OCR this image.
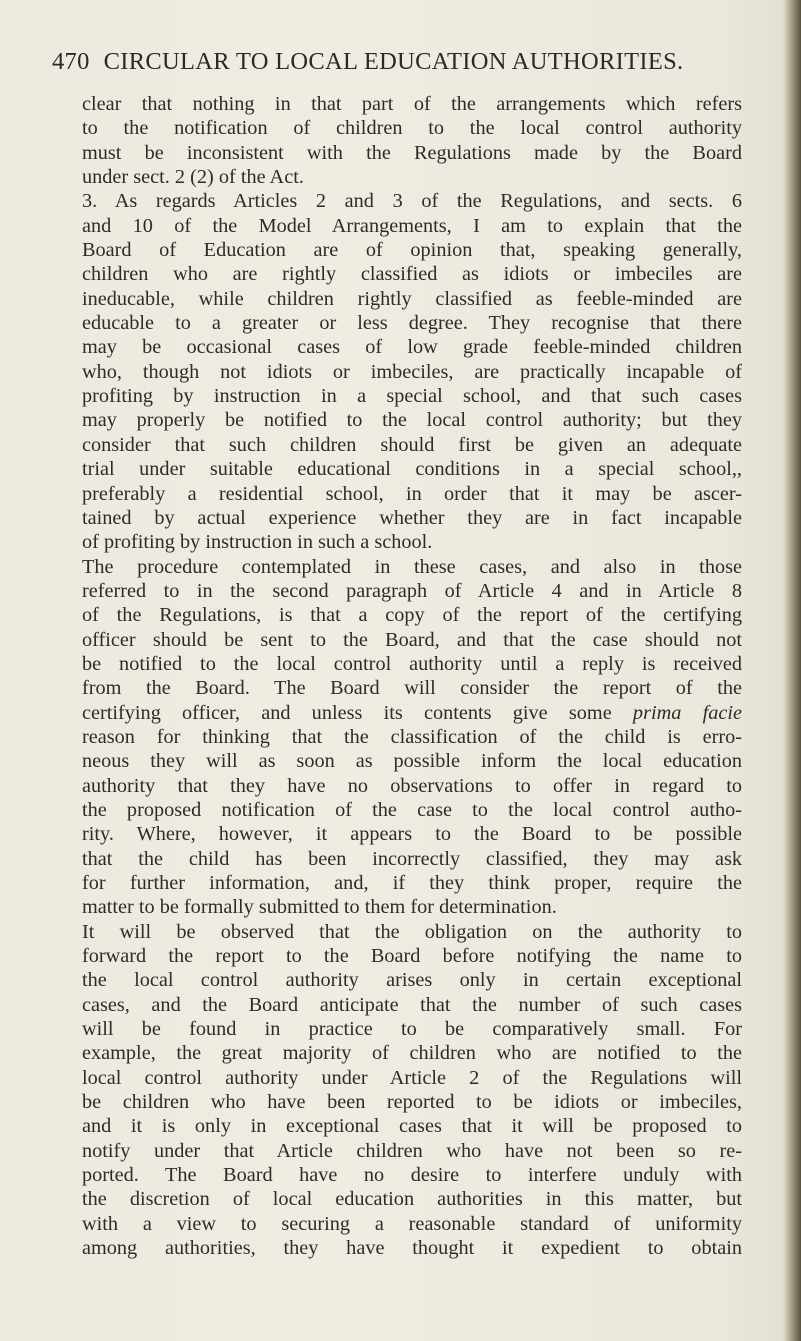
470 CIRCULAR TO LOCAL EDUCATION AUTHORITIES.

clear that nothing in that part of the arrangements which refers
to the notification of children to the local control authority
must be inconsistent with the Regulations made by the Board
under sect. 2 (2) of the Act.

3. As regards Articles 2 and 3 of the Regulations, and sects. 6
and 10 of the Model Arrangements, I am to explain that the
Board of Education are of opinion that, speaking generally,
children who are rightly classified as idiots or imbeciles are
ineducable, while children rightly classified as feeble-minded are
educable to a greater or less degree. They recognise that there
may be occasional cases of low grade feeble-minded children
who, though not idiots or imbeciles, are practically incapable of
profiting by instruction in a special school, and that such cases
may properly be notified to the local control authority; but they
consider that such children should first be given an adequate
trial under suitable educational conditions in a special school,,
preferably a residential school, in order that it may be ascer-
tained by actual experience whether they are in fact incapable
of profiting by instruction in such a school.

The procedure contemplated in these cases, and also in those
referred to in the second paragraph of Article 4 and in Article 8
of the Regulations, is that a copy of the report of the certifying
officer should be sent to the Board, and that the case should not
be notified to the local control authority until a reply is received
from the Board. The Board will consider the report of the
certifying officer, and unless its contents give some prima facie
reason for thinking that the classification of the child is erro-
neous they will as soon as possible inform the local education
authority that they have no observations to offer in regard to
the proposed notification of the case to the local control autho-
rity. Where, however, it appears to the Board to be possible
that the child has been incorrectly classified, they may ask
for further information, and, if they think proper, require the
matter to be formally submitted to them for determination.

It will be observed that the obligation on the authority to
forward the report to the Board before notifying the name to
the local control authority arises only in certain exceptional
cases, and the Board anticipate that the number of such cases
will be found in practice to be comparatively small. For
example, the great majority of children who are notified to the
local control authority under Article 2 of the Regulations will
be children who have been reported to be idiots or imbeciles,
and it is only in exceptional cases that it will be proposed to
notify under that Article children who have not been so re-
ported. The Board have no desire to interfere unduly with
the discretion of local education authorities in this matter, but
with a view to securing a reasonable standard of uniformity
among authorities, they have thought it expedient to obtain
